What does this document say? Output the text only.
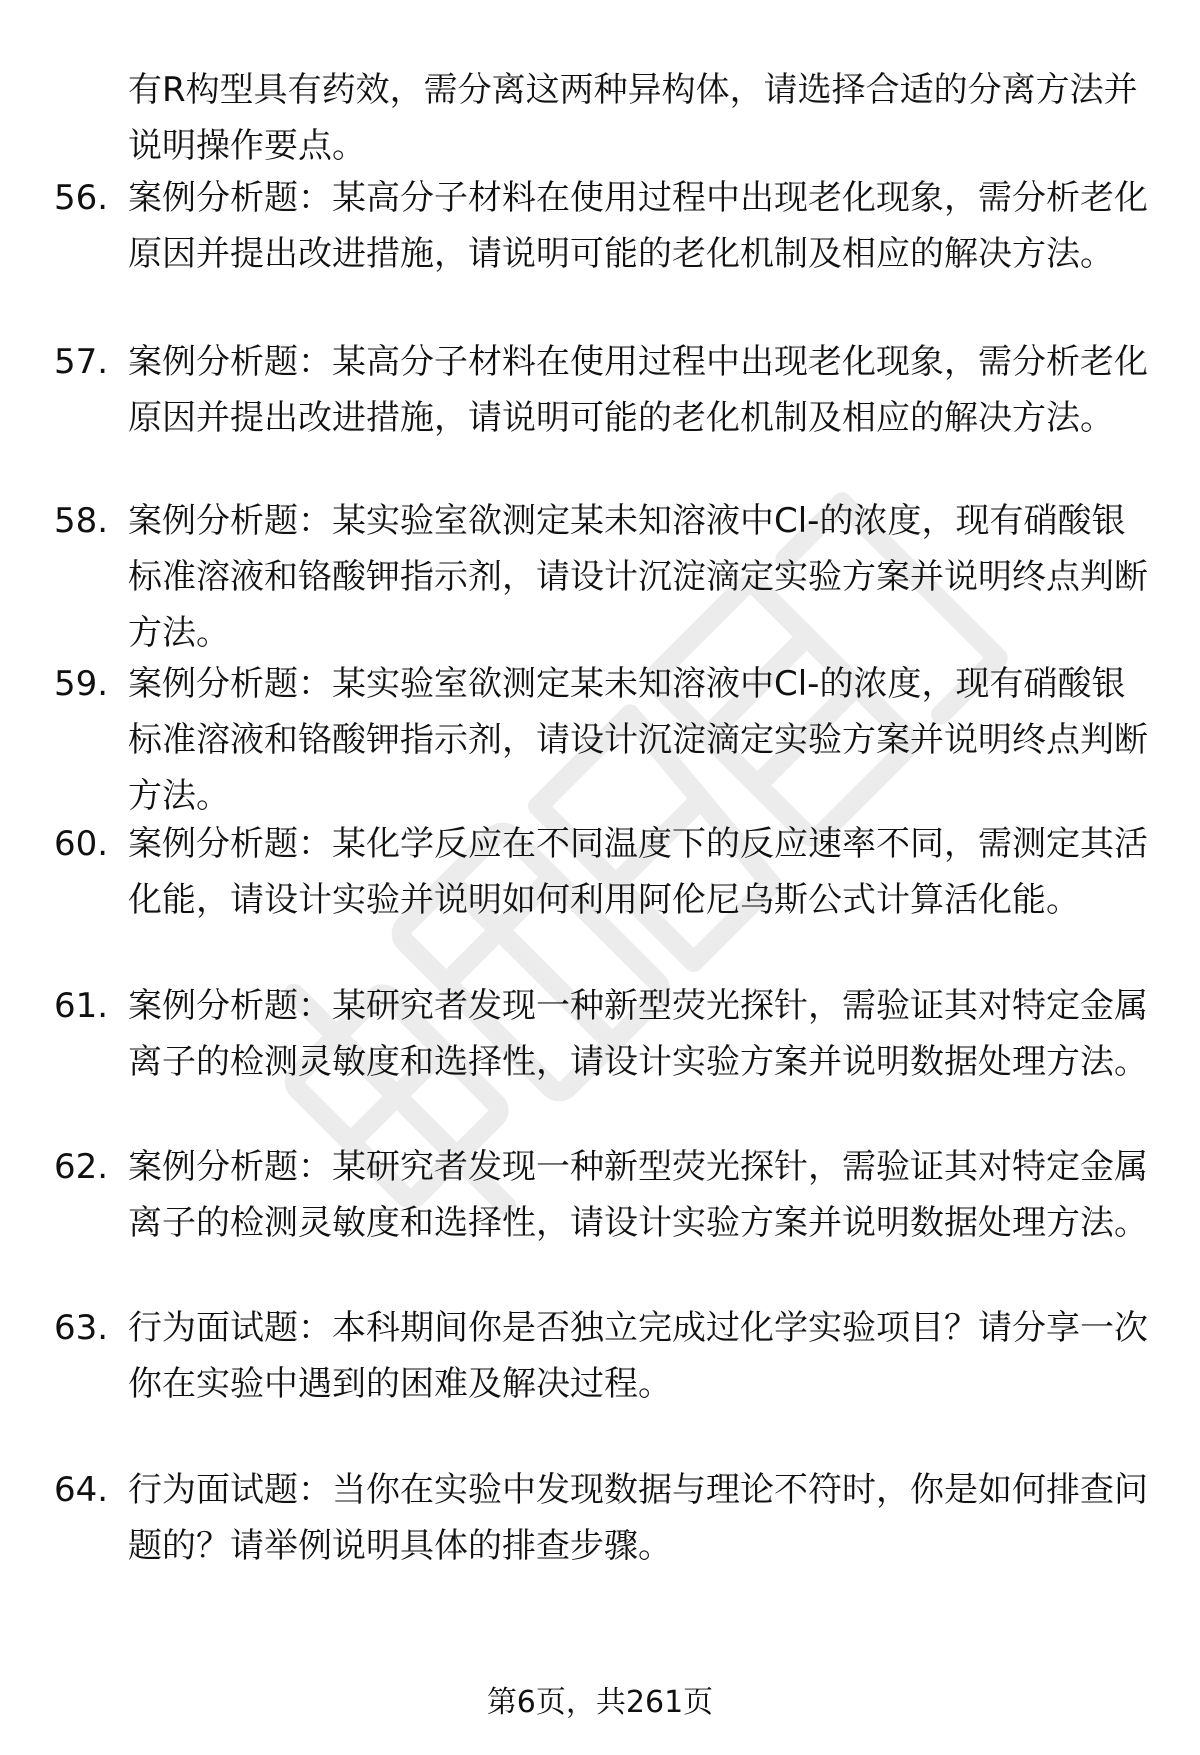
有R构型具有药效，需分离这两种异构体，请选择合适的分离方法并说明操作要点。
56. 案例分析题：某高分子材料在使用过程中出现老化现象，需分析老化原因并提出改进措施，请说明可能的老化机制及相应的解决方法。
57. 案例分析题：某高分子材料在使用过程中出现老化现象，需分析老化原因并提出改进措施，请说明可能的老化机制及相应的解决方法。
58. 案例分析题：某实验室欲测定某未知溶液中Cl-的浓度，现有硝酸银标准溶液和铬酸钾指示剂，请设计沉淀滴定实验方案并说明终点判断方法。
59. 案例分析题：某实验室欲测定某未知溶液中Cl-的浓度，现有硝酸银标准溶液和铬酸钾指示剂，请设计沉淀滴定实验方案并说明终点判断方法。
60. 案例分析题：某化学反应在不同温度下的反应速率不同，需测定其活化能，请设计实验并说明如何利用阿伦尼乌斯公式计算活化能。
61. 案例分析题：某研究者发现一种新型荧光探针，需验证其对特定金属离子的检测灵敏度和选择性，请设计实验方案并说明数据处理方法。
62. 案例分析题：某研究者发现一种新型荧光探针，需验证其对特定金属离子的检测灵敏度和选择性，请设计实验方案并说明数据处理方法。
63. 行为面试题：本科期间你是否独立完成过化学实验项目？请分享一次你在实验中遇到的困难及解决过程。
64. 行为面试题：当你在实验中发现数据与理论不符时，你是如何排查问题的？请举例说明具体的排查步骤。
第6页，共261页
